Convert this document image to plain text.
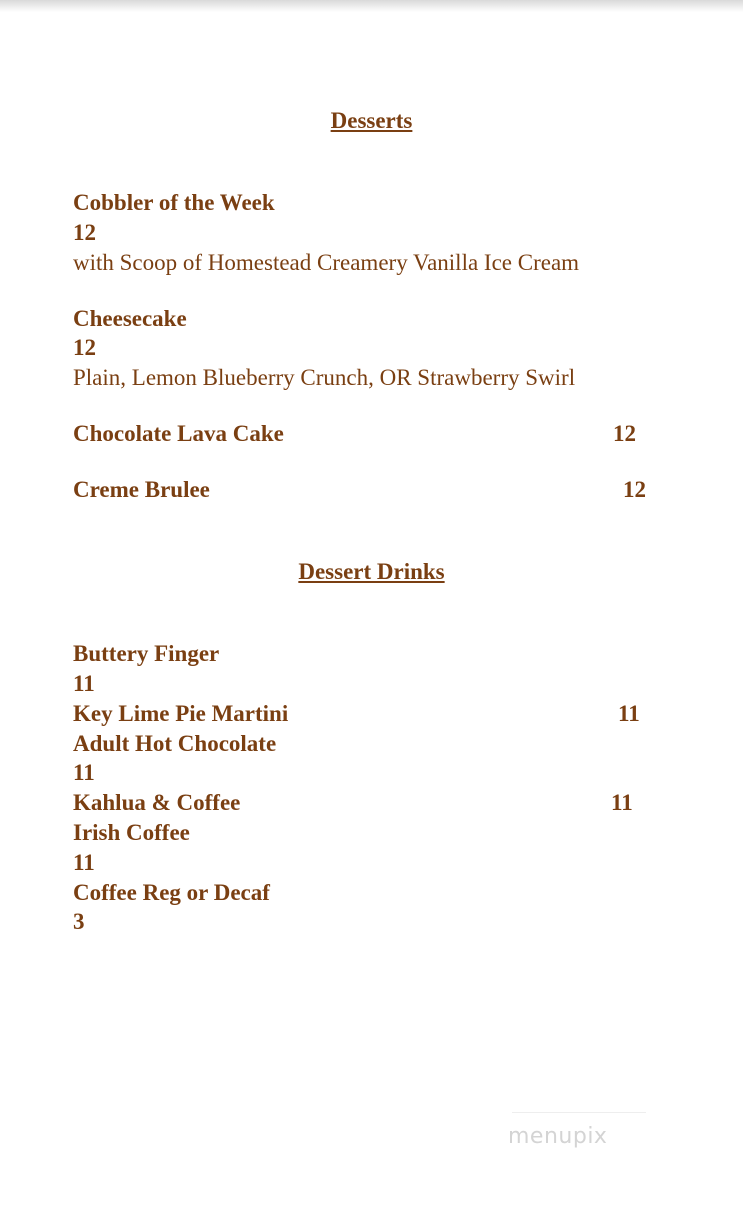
Desserts
Cobbler of the Week
12
with Scoop of Homestead Creamery Vanilla Ice Cream
Cheesecake
12
Plain, Lemon Blueberry Crunch, OR Strawberry Swirl
Chocolate Lava Cake	12
Creme Brulee	12
Dessert Drinks
Buttery Finger
11
Key Lime Pie Martini	11
Adult Hot Chocolate
11
Kahlua & Coffee	11
Irish Coffee
11
Coffee Reg or Decaf
3
menupix
